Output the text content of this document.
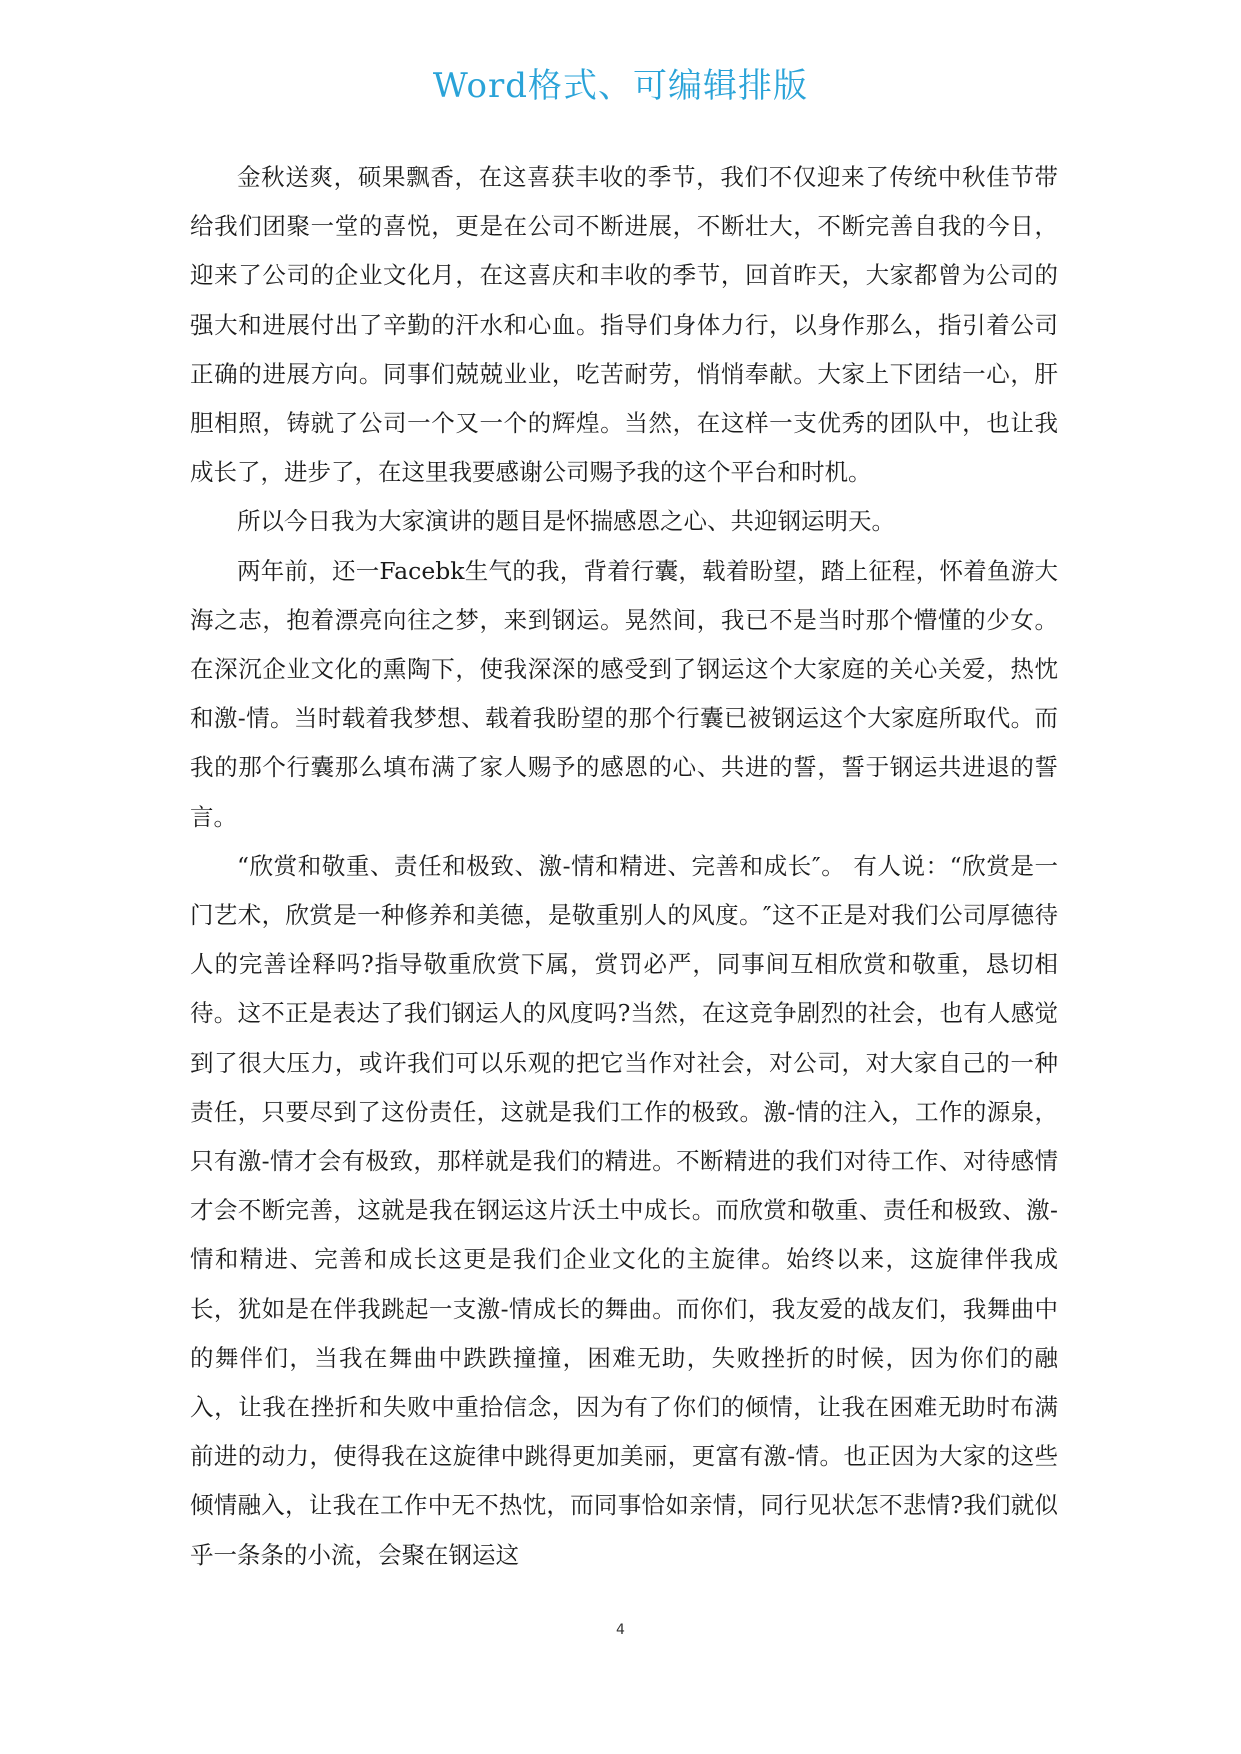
Word格式、可编辑排版

金秋送爽，硕果飘香，在这喜获丰收的季节，我们不仅迎来了传统中秋佳节带给我们团聚一堂的喜悦，更是在公司不断进展，不断壮大，不断完善自我的今日，迎来了公司的企业文化月，在这喜庆和丰收的季节，回首昨天，大家都曾为公司的强大和进展付出了辛勤的汗水和心血。指导们身体力行，以身作那么，指引着公司正确的进展方向。同事们兢兢业业，吃苦耐劳，悄悄奉献。大家上下团结一心，肝胆相照，铸就了公司一个又一个的辉煌。当然，在这样一支优秀的团队中，也让我成长了，进步了，在这里我要感谢公司赐予我的这个平台和时机。

所以今日我为大家演讲的题目是怀揣感恩之心、共迎钢运明天。

两年前，还一Facebk生气的我，背着行囊，载着盼望，踏上征程，怀着鱼游大海之志，抱着漂亮向往之梦，来到钢运。晃然间，我已不是当时那个懵懂的少女。在深沉企业文化的熏陶下，使我深深的感受到了钢运这个大家庭的关心关爱，热忱和激-情。当时载着我梦想、载着我盼望的那个行囊已被钢运这个大家庭所取代。而我的那个行囊那么填布满了家人赐予的感恩的心、共进的誓，誓于钢运共进退的誓言。

“欣赏和敬重、责任和极致、激-情和精进、完善和成长″。 有人说：“欣赏是一门艺术，欣赏是一种修养和美德，是敬重别人的风度。″这不正是对我们公司厚德待人的完善诠释吗?指导敬重欣赏下属，赏罚必严，同事间互相欣赏和敬重，恳切相待。这不正是表达了我们钢运人的风度吗?当然，在这竞争剧烈的社会，也有人感觉到了很大压力，或许我们可以乐观的把它当作对社会，对公司，对大家自己的一种责任，只要尽到了这份责任，这就是我们工作的极致。激-情的注入，工作的源泉，只有激-情才会有极致，那样就是我们的精进。不断精进的我们对待工作、对待感情才会不断完善，这就是我在钢运这片沃土中成长。而欣赏和敬重、责任和极致、激-情和精进、完善和成长这更是我们企业文化的主旋律。始终以来，这旋律伴我成长，犹如是在伴我跳起一支激-情成长的舞曲。而你们，我友爱的战友们，我舞曲中的舞伴们，当我在舞曲中跌跌撞撞，困难无助，失败挫折的时候，因为你们的融入，让我在挫折和失败中重拾信念，因为有了你们的倾情，让我在困难无助时布满前进的动力，使得我在这旋律中跳得更加美丽，更富有激-情。也正因为大家的这些倾情融入，让我在工作中无不热忱，而同事恰如亲情，同行见状怎不悲情?我们就似乎一条条的小流，会聚在钢运这

4
